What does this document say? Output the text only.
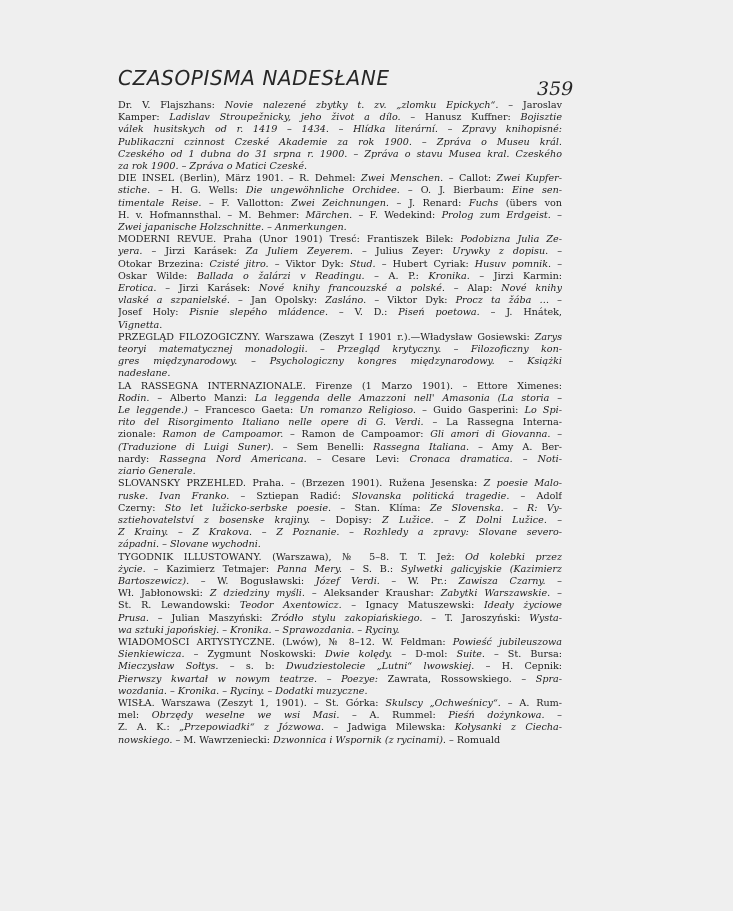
CZASOPISMA NADESŁANE	359
Dr. V. Flajszhans: Novie nalezené zbytky t. zv. „zlomku Epickych“. – Jaroslav
Kamper: Ladislav Stroupežnicky, jeho život a dílo. – Hanusz Kuffner: Bojisztie
válek husitskych od r. 1419 – 1434. – Hlídka literární. – Zpravy knihopisné:
Publikaczni czinnost Czeské Akademie za rok 1900. – Zpráva o Museu král.
Czeského od 1 dubna do 31 srpna r. 1900. – Zpráva o stavu Musea kral. Czeského
za rok 1900. – Zpráva o Matici Czeské.
DIE INSEL (Berlin), März 1901. – R. Dehmel: Zwei Menschen. – Callot: Zwei Kupfer-
stiche. – H. G. Wells: Die ungewöhnliche Orchidee. – O. J. Bierbaum: Eine sen-
timentale Reise. – F. Vallotton: Zwei Zeichnungen. – J. Renard: Fuchs (übers von
H. v. Hofmannsthal. – M. Behmer: Märchen. – F. Wedekind: Prolog zum Erdgeist. –
Zwei japanische Holzschnitte. – Anmerkungen.
MODERNI REVUE. Praha (Unor 1901) Tresć: Frantiszek Bilek: Podobizna Julia Ze-
yera. – Jirzi Karásek: Za Juliem Zeyerem. – Julius Zeyer: Urywky z dopisu. –
Otokar Brzezina: Czisté jitro. – Viktor Dyk: Stud. – Hubert Cyriak: Husuv pomnik. –
Oskar Wilde: Ballada o žalárzi v Readingu. – A. P.: Kronika. – Jirzi Karmin:
Erotica. – Jirzi Karásek: Nové knihy francouzské a polské. – Alap: Nové knihy
vlaské a szpanielské. – Jan Opolsky: Zasláno. – Viktor Dyk: Procz ta žába … –
Josef Holy: Pisnie slepého mládence. – V. D.: Piseń poetowa. – J. Hnátek,
Vignetta.
PRZEGLĄD FILOZOGICZNY. Warszawa (Zeszyt I 1901 r.).—Władysław Gosiewski: Zarys
teoryi matematycznej monadologii. – Przegląd krytyczny. – Filozoficzny kon-
gres międzynarodowy. – Psychologiczny kongres międzynarodowy. – Książki
nadesłane.
LA RASSEGNA INTERNAZIONALE. Firenze (1 Marzo 1901). – Ettore Ximenes:
Rodin. – Alberto Manzi: La leggenda delle Amazzoni nell' Amasonia (La storia –
Le leggende.) – Francesco Gaeta: Un romanzo Religioso. – Guido Gasperini: Lo Spi-
rito del Risorgimento Italiano nelle opere di G. Verdi. – La Rassegna Interna-
zionale: Ramon de Campoamor. – Ramon de Campoamor: Gli amori di Giovanna. –
(Traduzione di Luigi Suner). – Sem Benelli: Rassegna Italiana. – Amy A. Ber-
nardy: Rassegna Nord Americana. – Cesare Levi: Cronaca dramatica. – Noti-
ziario Generale.
SLOVANSKY PRZEHLED. Praha. – (Brzezen 1901). Ružena Jesenska: Z poesie Malo-
ruske. Ivan Franko. – Sztiepan Radić: Slovanska politická tragedie. – Adolf
Czerny: Sto let lužicko-serbske poesie. – Stan. Klíma: Ze Slovenska. – R: Vy-
sztiehovatelství z bosenske krajiny. – Dopisy: Z Lužice. – Z Dolni Lužice. –
Z Krainy. – Z Krakova. – Z Poznanie. – Rozhledy a zpravy: Slovane severo-
západni. – Slovane wychodni.
TYGODNIK ILLUSTOWANY. (Warszawa), № 5–8. T. T. Jeż: Od kolebki przez
życie. – Kazimierz Tetmajer: Panna Mery. – S. B.: Sylwetki galicyjskie (Kazimierz
Bartoszewicz). – W. Bogusławski: Józef Verdi. – W. Pr.: Zawisza Czarny. –
Wł. Jabłonowski: Z dziedziny myśli. – Aleksander Kraushar: Zabytki Warszawskie. –
St. R. Lewandowski: Teodor Axentowicz. – Ignacy Matuszewski: Ideały życiowe
Prusa. – Julian Maszyński: Źródło stylu zakopiańskiego. – T. Jaroszyński: Wysta-
wa sztuki japońskiej. – Kronika. – Sprawozdania. – Ryciny.
WIADOMOŚCI ARTYSTYCZNE. (Lwów), № 8–12. W. Feldman: Powieść jubileuszowa
Sienkiewicza. – Zygmunt Noskowski: Dwie kolędy. – D-mol: Suite. – St. Bursa:
Mieczysław Sołtys. – s. b: Dwudziestolecie „Lutni“ lwowskiej. – H. Cepnik:
Pierwszy kwartał w nowym teatrze. – Poezye: Zawrata, Rossowskiego. – Spra-
wozdania. – Kronika. – Ryciny. – Dodatki muzyczne.
WISŁA. Warszawa (Zeszyt 1, 1901). – St. Górka: Skulscy „Ochweśnicy“. – A. Rum-
mel: Obrzędy weselne we wsi Masi. – A. Rummel: Pieśń dożynkowa. –
Z. A. K.: „Przepowiadki“ z Józwowa. – Jadwiga Milewska: Kołysanki z Ciecha-
nowskiego. – M. Wawrzeniecki: Dzwonnica i Wspornik (z rycinami). – Romuald
